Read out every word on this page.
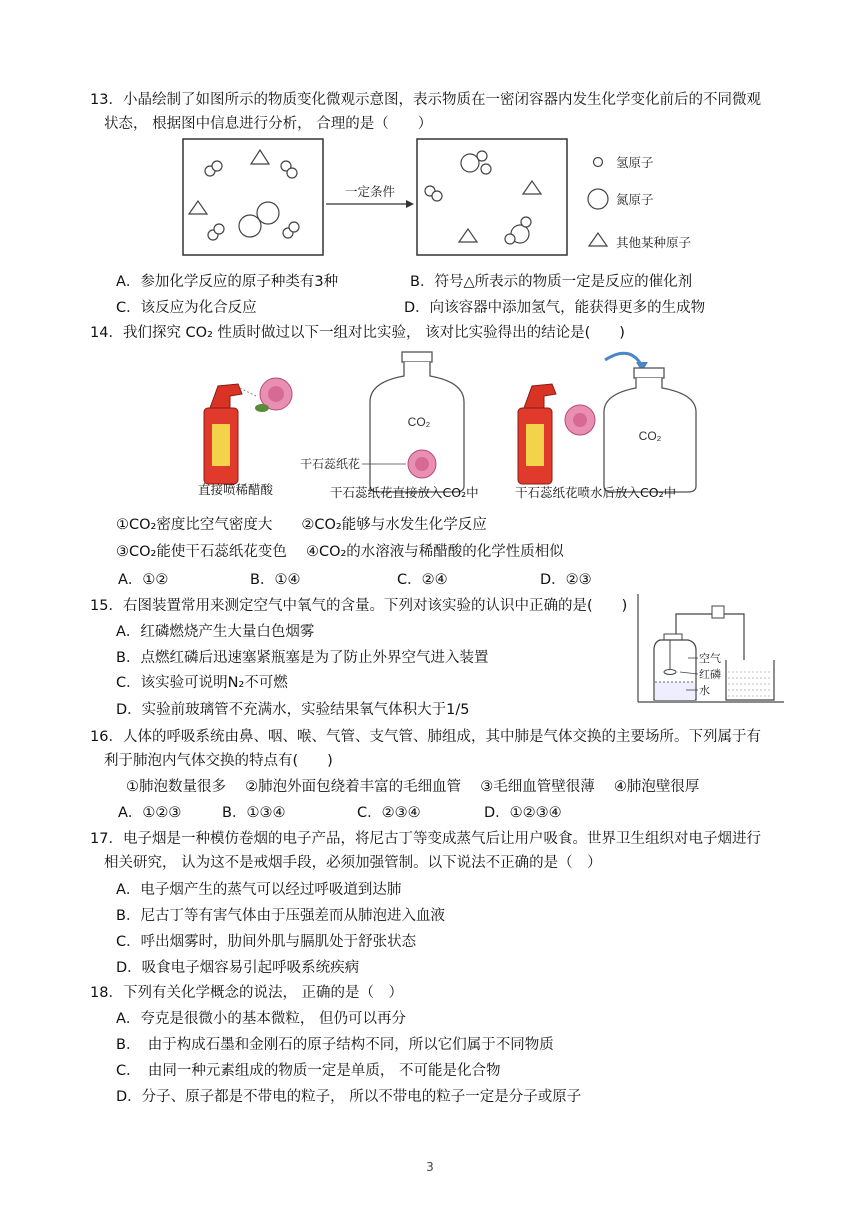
13．小晶绘制了如图所示的物质变化微观示意图，表示物质在一密闭容器内发生化学变化前后的不同微观
状态， 根据图中信息进行分析， 合理的是（　　）
一定条件
氢原子
氮原子
其他某种原子
A．参加化学反应的原子种类有3种	B．符号△所表示的物质一定是反应的催化剂
C．该反应为化合反应	D．向该容器中添加氢气，能获得更多的生成物
14．我们探究 CO₂ 性质时做过以下一组对比实验， 该对比实验得出的结论是(　　)
CO₂
干石蕊纸花
CO₂
直接喷稀醋酸	干石蕊纸花直接放入CO₂中	干石蕊纸花喷水后放入CO₂中
①CO₂密度比空气密度大　　②CO₂能够与水发生化学反应
③CO₂能使干石蕊纸花变色　 ④CO₂的水溶液与稀醋酸的化学性质相似
A．①②	B．①④	C．②④	D．②③
15．右图装置常用来测定空气中氧气的含量。下列对该实验的认识中正确的是(　　)
A．红磷燃烧产生大量白色烟雾
B．点燃红磷后迅速塞紧瓶塞是为了防止外界空气进入装置
C．该实验可说明N₂不可燃
D．实验前玻璃管不充满水，实验结果氧气体积大于1/5
空气
红磷
水
16．人体的呼吸系统由鼻、咽、喉、气管、支气管、肺组成，其中肺是气体交换的主要场所。下列属于有
利于肺泡内气体交换的特点有(　　)
①肺泡数量很多　 ②肺泡外面包绕着丰富的毛细血管　 ③毛细血管壁很薄　 ④肺泡壁很厚
A．①②③	B．①③④	C．②③④	D．①②③④
17．电子烟是一种模仿卷烟的电子产品，将尼古丁等变成蒸气后让用户吸食。世界卫生组织对电子烟进行
相关研究， 认为这不是戒烟手段，必须加强管制。以下说法不正确的是（　）
A．电子烟产生的蒸气可以经过呼吸道到达肺
B．尼古丁等有害气体由于压强差而从肺泡进入血液
C．呼出烟雾时，肋间外肌与膈肌处于舒张状态
D．吸食电子烟容易引起呼吸系统疾病
18．下列有关化学概念的说法， 正确的是（　）
A．夸克是很微小的基本微粒， 但仍可以再分
B．　由于构成石墨和金刚石的原子结构不同，所以它们属于不同物质
C．　由同一种元素组成的物质一定是单质， 不可能是化合物
D．分子、原子都是不带电的粒子， 所以不带电的粒子一定是分子或原子
3
